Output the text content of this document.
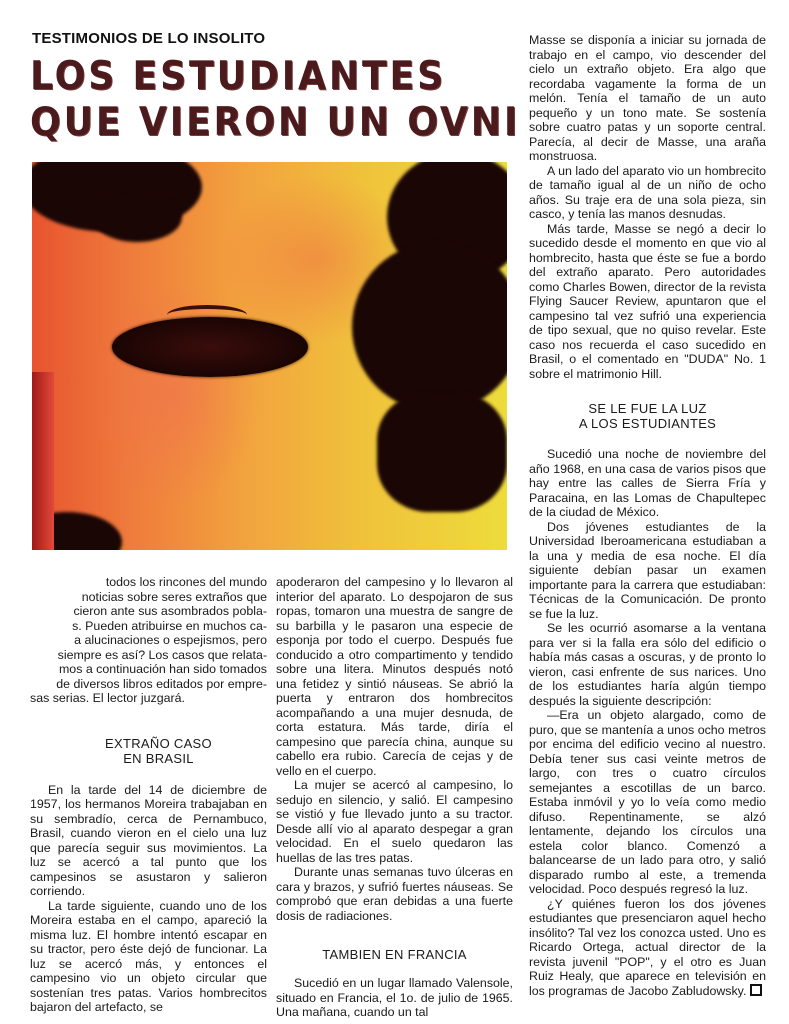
TESTIMONIOS DE LO INSOLITO
LOS ESTUDIANTES
QUE VIERON UN OVNI
todos los rincones del mundo
noticias sobre seres extraños que
cieron ante sus asombrados pobla-
s. Pueden atribuirse en muchos ca-
a alucinaciones o espejismos, pero
siempre es así? Los casos que relata-
mos a continuación han sido tomados
de diversos libros editados por empre-
sas serias. El lector juzgará.
EXTRAÑO CASO
EN BRASIL

En la tarde del 14 de diciembre de 1957, los hermanos Moreira trabajaban en su sembradío, cerca de Pernambuco, Brasil, cuando vieron en el cielo una luz que parecía seguir sus movimientos. La luz se acercó a tal punto que los campesinos se asustaron y salieron corriendo.

La tarde siguiente, cuando uno de los Moreira estaba en el campo, apareció la misma luz. El hombre intentó escapar en su tractor, pero éste dejó de funcionar. La luz se acercó más, y entonces el campesino vio un objeto circular que sostenían tres patas. Varios hombrecitos bajaron del artefacto, se

apoderaron del campesino y lo llevaron al interior del aparato. Lo despojaron de sus ropas, tomaron una muestra de sangre de su barbilla y le pasaron una especie de esponja por todo el cuerpo. Después fue conducido a otro compartimento y tendido sobre una litera. Minutos después notó una fetidez y sintió náuseas. Se abrió la puerta y entraron dos hombrecitos acompañando a una mujer desnuda, de corta estatura. Más tarde, diría el campesino que parecía china, aunque su cabello era rubio. Carecía de cejas y de vello en el cuerpo.

La mujer se acercó al campesino, lo sedujo en silencio, y salió. El campesino se vistió y fue llevado junto a su tractor. Desde allí vio al aparato despegar a gran velocidad. En el suelo quedaron las huellas de las tres patas.

Durante unas semanas tuvo úlceras en cara y brazos, y sufrió fuertes náuseas. Se comprobó que eran debidas a una fuerte dosis de radiaciones.

TAMBIEN EN FRANCIA

Sucedió en un lugar llamado Valensole, situado en Francia, el 1o. de julio de 1965. Una mañana, cuando un tal

Masse se disponía a iniciar su jornada de trabajo en el campo, vio descender del cielo un extraño objeto. Era algo que recordaba vagamente la forma de un melón. Tenía el tamaño de un auto pequeño y un tono mate. Se sostenía sobre cuatro patas y un soporte central. Parecía, al decir de Masse, una araña monstruosa.

A un lado del aparato vio un hombrecito de tamaño igual al de un niño de ocho años. Su traje era de una sola pieza, sin casco, y tenía las manos desnudas.

Más tarde, Masse se negó a decir lo sucedido desde el momento en que vio al hombrecito, hasta que éste se fue a bordo del extraño aparato. Pero autoridades como Charles Bowen, director de la revista Flying Saucer Review, apuntaron que el campesino tal vez sufrió una experiencia de tipo sexual, que no quiso revelar. Este caso nos recuerda el caso sucedido en Brasil, o el comentado en "DUDA" No. 1 sobre el matrimonio Hill.

SE LE FUE LA LUZ
A LOS ESTUDIANTES

Sucedió una noche de noviembre del año 1968, en una casa de varios pisos que hay entre las calles de Sierra Fría y Paracaina, en las Lomas de Chapultepec de la ciudad de México.

Dos jóvenes estudiantes de la Universidad Iberoamericana estudiaban a la una y media de esa noche. El día siguiente debían pasar un examen importante para la carrera que estudiaban: Técnicas de la Comunicación. De pronto se fue la luz.

Se les ocurrió asomarse a la ventana para ver si la falla era sólo del edificio o había más casas a oscuras, y de pronto lo vieron, casi enfrente de sus narices. Uno de los estudiantes haría algún tiempo después la siguiente descripción:

—Era un objeto alargado, como de puro, que se mantenía a unos ocho metros por encima del edificio vecino al nuestro. Debía tener sus casi veinte metros de largo, con tres o cuatro círculos semejantes a escotillas de un barco. Estaba inmóvil y yo lo veía como medio difuso. Repentinamente, se alzó lentamente, dejando los círculos una estela color blanco. Comenzó a balancearse de un lado para otro, y salió disparado rumbo al este, a tremenda velocidad. Poco después regresó la luz.

¿Y quiénes fueron los dos jóvenes estudiantes que presenciaron aquel hecho insólito? Tal vez los conozca usted. Uno es Ricardo Ortega, actual director de la revista juvenil "POP", y el otro es Juan Ruiz Healy, que aparece en televisión en los programas de Jacobo Zabludowsky.
